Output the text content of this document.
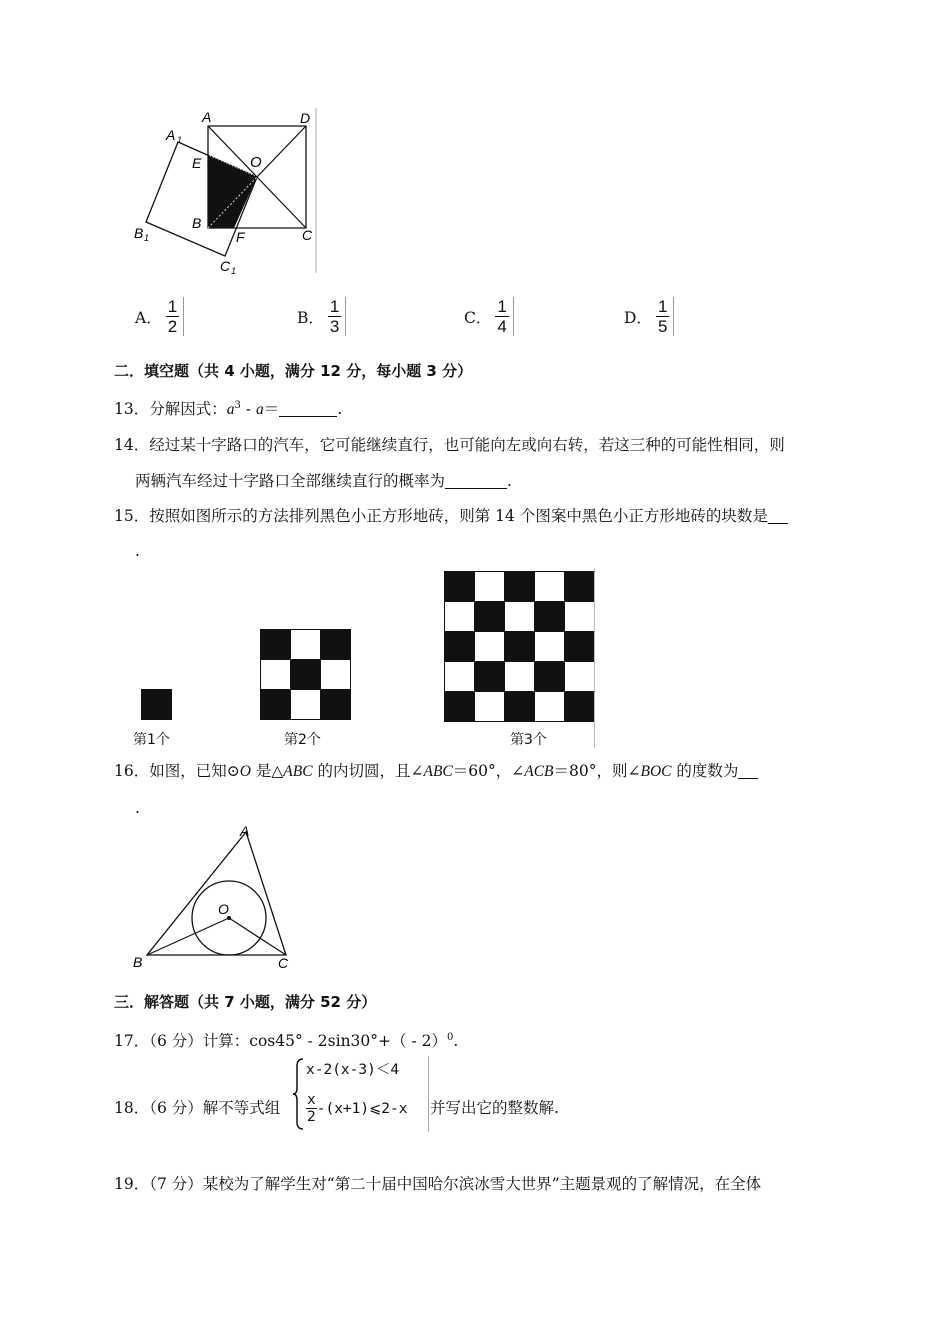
A	D
A 1
E	O
B
F	C
B 1
C 1
A． $\frac{1}{2}$	B． $\frac{1}{3}$	C． $\frac{1}{4}$	D． $\frac{1}{5}$
二．填空题（共 4 小题，满分 12 分，每小题 3 分）
13．分解因式：$a^3 - a=$	.
14．经过某十字路口的汽车，它可能继续直行，也可能向左或向右转，若这三种的可能性相同，则
两辆汽车经过十字路口全部继续直行的概率为	.
15．按照如图所示的方法排列黑色小正方形地砖，则第 14 个图案中黑色小正方形地砖的块数是
.
第1个	第2个	第3个
16．如图，已知⊙O 是△ABC 的内切圆，且∠ABC＝60°，∠ACB＝80°，则∠BOC 的度数为
.
A
B	C
O
三．解答题（共 7 小题，满分 52 分）
17．（6 分）计算：cos45° - 2sin30°+（ - 2）$^0$.
18．（6 分）解不等式组
x-2(x-3)＜4
x
2
-(x+1)⩽2-x 并写出它的整数解.
19．（7 分）某校为了解学生对“第二十届中国哈尔滨冰雪大世界”主题景观的了解情况，在全体
